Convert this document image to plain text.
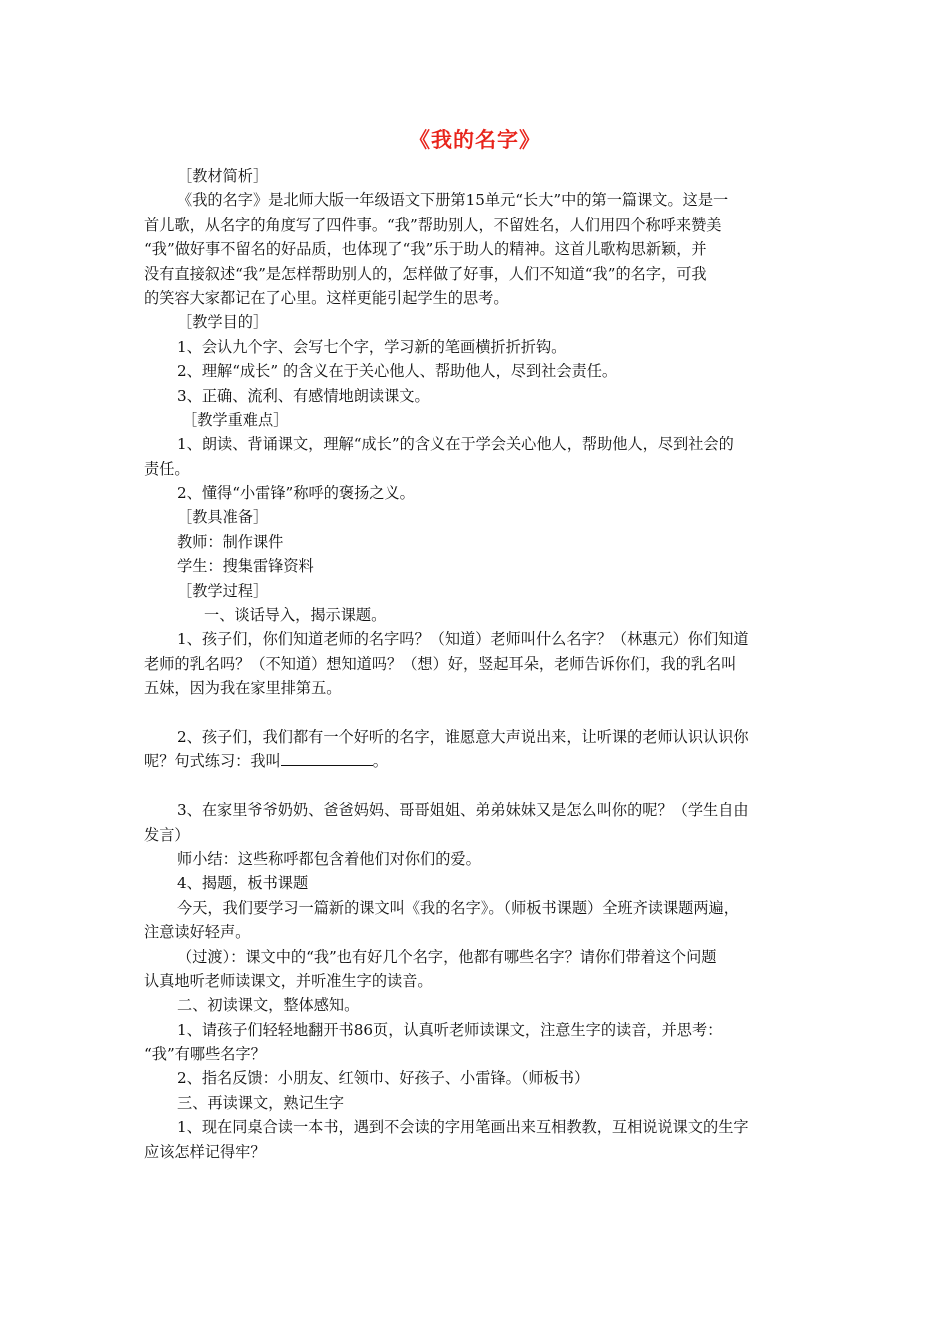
《我的名字》
［教材简析］
《我的名字》是北师大版一年级语文下册第15单元“长大”中的第一篇课文。这是一
首儿歌，从名字的角度写了四件事。“我”帮助别人，不留姓名，人们用四个称呼来赞美
“我”做好事不留名的好品质，也体现了“我”乐于助人的精神。这首儿歌构思新颖，并
没有直接叙述“我”是怎样帮助别人的，怎样做了好事，人们不知道“我”的名字，可我
的笑容大家都记在了心里。这样更能引起学生的思考。
［教学目的］
1、会认九个字、会写七个字，学习新的笔画横折折折钩。
2、理解“成长” 的含义在于关心他人、帮助他人，尽到社会责任。
3、正确、流利、有感情地朗读课文。
［教学重难点］
1、朗读、背诵课文，理解“成长”的含义在于学会关心他人，帮助他人，尽到社会的
责任。
2、懂得“小雷锋”称呼的褒扬之义。
［教具准备］
教师：制作课件
学生：搜集雷锋资料
［教学过程］
一、谈话导入，揭示课题。
1、孩子们，你们知道老师的名字吗？（知道）老师叫什么名字？（林惠元）你们知道
老师的乳名吗？（不知道）想知道吗？（想）好，竖起耳朵，老师告诉你们，我的乳名叫
五妹，因为我在家里排第五。
2、孩子们，我们都有一个好听的名字，谁愿意大声说出来，让听课的老师认识认识你
呢？句式练习：我叫	。
3、在家里爷爷奶奶、爸爸妈妈、哥哥姐姐、弟弟妹妹又是怎么叫你的呢？（学生自由
发言）
师小结：这些称呼都包含着他们对你们的爱。
4、揭题，板书课题
今天，我们要学习一篇新的课文叫《我的名字》。（师板书课题）全班齐读课题两遍，
注意读好轻声。
（过渡）：课文中的“我”也有好几个名字，他都有哪些名字？请你们带着这个问题
认真地听老师读课文，并听准生字的读音。
二、初读课文，整体感知。
1、请孩子们轻轻地翻开书86页，认真听老师读课文，注意生字的读音，并思考：
“我”有哪些名字？
2、指名反馈：小朋友、红领巾、好孩子、小雷锋。（师板书）
三、再读课文，熟记生字
1、现在同桌合读一本书，遇到不会读的字用笔画出来互相教教，互相说说课文的生字
应该怎样记得牢？
